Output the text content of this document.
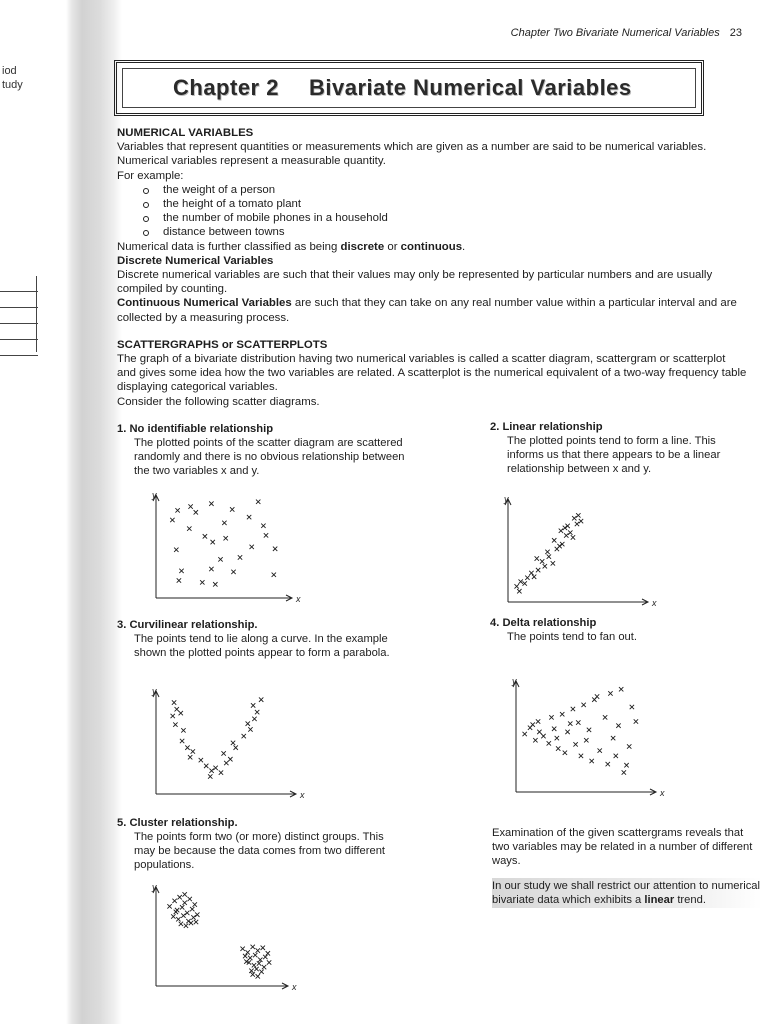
iod
tudy
Chapter Two Bivariate Numerical Variables 23
Chapter 2 Bivariate Numerical Variables

NUMERICAL VARIABLES

Variables that represent quantities or measurements which are given as a number are said to be numerical variables. Numerical variables represent a measurable quantity.

For example:

the weight of a person
the height of a tomato plant
the number of mobile phones in a household
distance between towns

Numerical data is further classified as being discrete or continuous.

Discrete Numerical Variables

Discrete numerical variables are such that their values may only be represented by particular numbers and are usually compiled by counting.

Continuous Numerical Variables are such that they can take on any real number value within a particular interval and are collected by a measuring process.

SCATTERGRAPHS or SCATTERPLOTS

The graph of a bivariate distribution having two numerical variables is called a scatter diagram, scattergram or scatterplot and gives some idea how the two variables are related. A scatterplot is the numerical equivalent of a two-way frequency table displaying categorical variables.

Consider the following scatter diagrams.

1. No identifiable relationship
The plotted points of the scatter diagram are scattered randomly and there is no obvious relationship between the two variables x and y.
2. Linear relationship
The plotted points tend to form a line. This informs us that there appears to be a linear relationship between x and y.
3. Curvilinear relationship.
The points tend to lie along a curve. In the example shown the plotted points appear to form a parabola.
4. Delta relationship
The points tend to fan out.
5. Cluster relationship.
The points form two (or more) distinct groups. This may be because the data comes from two different populations.
Examination of the given scattergrams reveals that two variables may be related in a number of different ways.
In our study we shall restrict our attention to numerical bivariate data which exhibits a linear trend.
y
x
y
x
y
x
y
x
y
x
